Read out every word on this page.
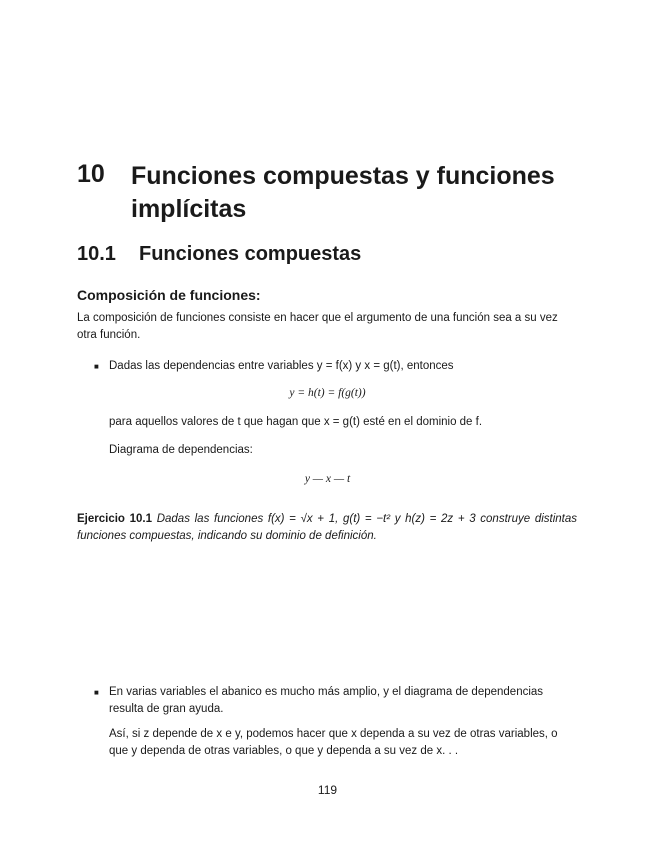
10 Funciones compuestas y funciones implícitas
10.1 Funciones compuestas
Composición de funciones:
La composición de funciones consiste en hacer que el argumento de una función sea a su vez otra función.
■ Dadas las dependencias entre variables y = f(x) y x = g(t), entonces
y = h(t) = f(g(t))
para aquellos valores de t que hagan que x = g(t) esté en el dominio de f.
Diagrama de dependencias:
y — x — t
Ejercicio 10.1 Dadas las funciones f(x) = √x + 1, g(t) = −t² y h(z) = 2z + 3 construye distintas funciones compuestas, indicando su dominio de definición.
■ En varias variables el abanico es mucho más amplio, y el diagrama de dependencias resulta de gran ayuda.
Así, si z depende de x e y, podemos hacer que x dependa a su vez de otras variables, o que y dependa de otras variables, o que y dependa a su vez de x. . .
119
